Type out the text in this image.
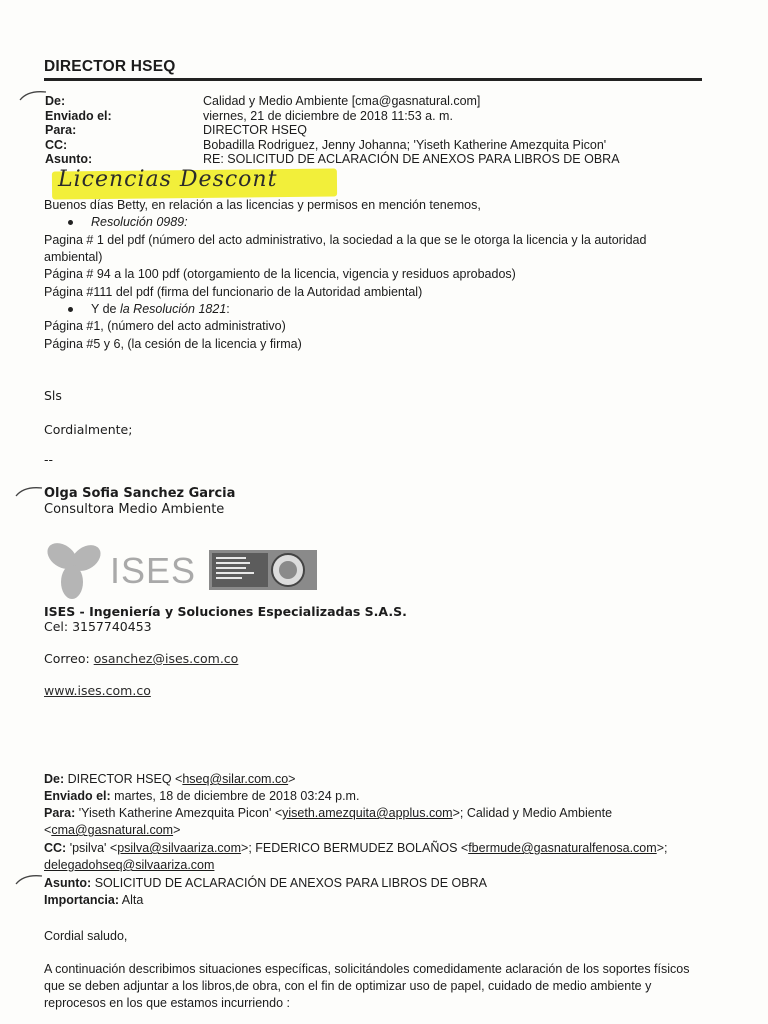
DIRECTOR HSEQ
De:	Calidad y Medio Ambiente [cma@gasnatural.com]
Enviado el:	viernes, 21 de diciembre de 2018 11:53 a. m.
Para:	DIRECTOR HSEQ
CC:	Bobadilla Rodriguez, Jenny Johanna; 'Yiseth Katherine Amezquita Picon'
Asunto:	RE: SOLICITUD DE ACLARACIÓN DE ANEXOS PARA LIBROS DE OBRA
Licencias Descont
Buenos días Betty, en relación a las licencias y permisos en mención tenemos,
Resolución 0989:
Pagina # 1 del pdf (número del acto administrativo, la sociedad a la que se le otorga la licencia y la autoridad
ambiental)
Página # 94 a la 100 pdf (otorgamiento de la licencia, vigencia y residuos aprobados)
Página #111 del pdf (firma del funcionario de la Autoridad ambiental)
Y de la Resolución 1821:
Página #1, (número del acto administrativo)
Página #5 y 6, (la cesión de la licencia y firma)
Sls
Cordialmente;
--
Olga Sofia Sanchez Garcia
Consultora Medio Ambiente
ISES
ISES - Ingeniería y Soluciones Especializadas S.A.S.
Cel: 3157740453
Correo: osanchez@ises.com.co
www.ises.com.co
De: DIRECTOR HSEQ <hseq@silar.com.co>
Enviado el: martes, 18 de diciembre de 2018 03:24 p.m.
Para: 'Yiseth Katherine Amezquita Picon' <yiseth.amezquita@applus.com>; Calidad y Medio Ambiente
<cma@gasnatural.com>
CC: 'psilva' <psilva@silvaariza.com>; FEDERICO BERMUDEZ BOLAÑOS <fbermude@gasnaturalfenosa.com>;
delegadohseq@silvaariza.com
Asunto: SOLICITUD DE ACLARACIÓN DE ANEXOS PARA LIBROS DE OBRA
Importancia: Alta
Cordial saludo,
A continuación describimos situaciones específicas, solicitándoles comedidamente aclaración de los soportes físicos
que se deben adjuntar a los libros,de obra, con el fin de optimizar uso de papel, cuidado de medio ambiente y
reprocesos en los que estamos incurriendo :
